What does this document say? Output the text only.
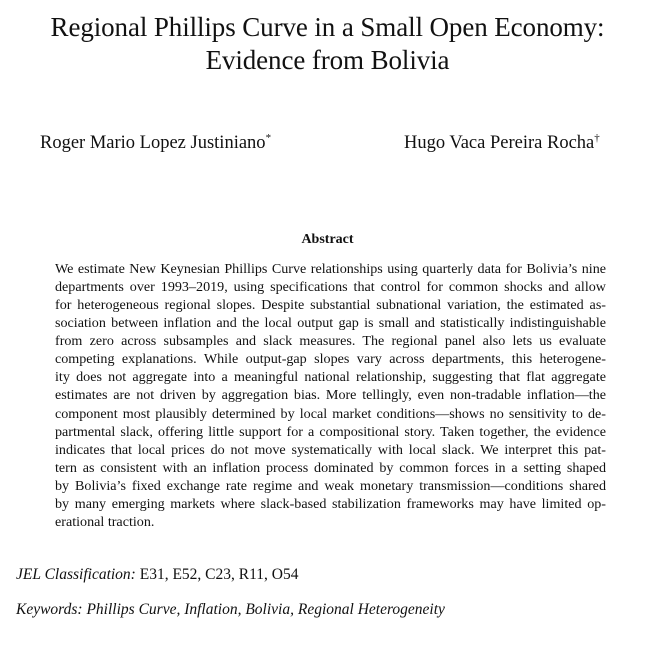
Regional Phillips Curve in a Small Open Economy:
Evidence from Bolivia
Roger Mario Lopez Justiniano*	Hugo Vaca Pereira Rocha†
Abstract
We estimate New Keynesian Phillips Curve relationships using quarterly data for Bolivia’s nine
departments over 1993–2019, using specifications that control for common shocks and allow
for heterogeneous regional slopes. Despite substantial subnational variation, the estimated as-
sociation between inflation and the local output gap is small and statistically indistinguishable
from zero across subsamples and slack measures. The regional panel also lets us evaluate
competing explanations. While output-gap slopes vary across departments, this heterogene-
ity does not aggregate into a meaningful national relationship, suggesting that flat aggregate
estimates are not driven by aggregation bias. More tellingly, even non-tradable inflation—the
component most plausibly determined by local market conditions—shows no sensitivity to de-
partmental slack, offering little support for a compositional story. Taken together, the evidence
indicates that local prices do not move systematically with local slack. We interpret this pat-
tern as consistent with an inflation process dominated by common forces in a setting shaped
by Bolivia’s fixed exchange rate regime and weak monetary transmission—conditions shared
by many emerging markets where slack-based stabilization frameworks may have limited op-
erational traction.
JEL Classification: E31, E52, C23, R11, O54
Keywords: Phillips Curve, Inflation, Bolivia, Regional Heterogeneity
